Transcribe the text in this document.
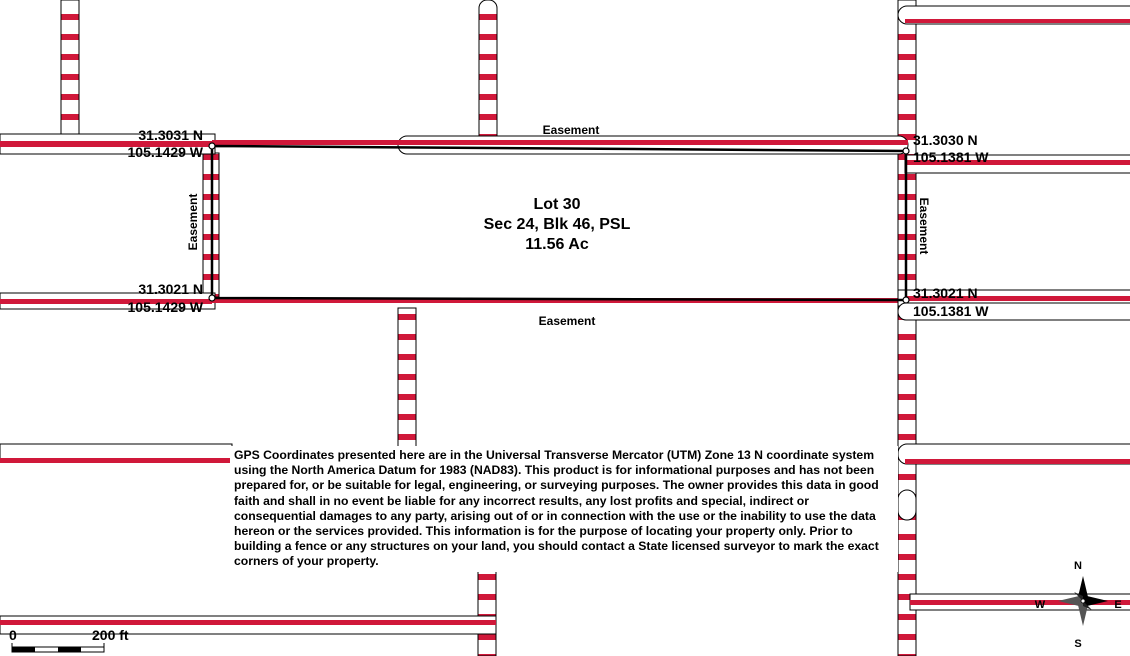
Lot 30
Sec 24, Blk 46, PSL
11.56 Ac
Easement
Easement
Easement	Easement
31.3031 N
105.1429 W
31.3030 N
105.1381 W
31.3021 N
105.1429 W
31.3021 N
105.1381 W
0	200 ft
N
S
W	E

GPS Coordinates presented here are in the Universal Transverse Mercator (UTM) Zone 13 N coordinate system using the North America Datum for 1983 (NAD83). This product is for informational purposes and has not been prepared for, or be suitable for legal, engineering, or surveying purposes. The owner provides this data in good faith and shall in no event be liable for any incorrect results, any lost profits and special, indirect or consequential damages to any party, arising out of or in connection with the use or the inability to use the data hereon or the services provided. This information is for the purpose of locating your property only. Prior to building a fence or any structures on your land, you should contact a State licensed surveyor to mark the exact corners of your property.
